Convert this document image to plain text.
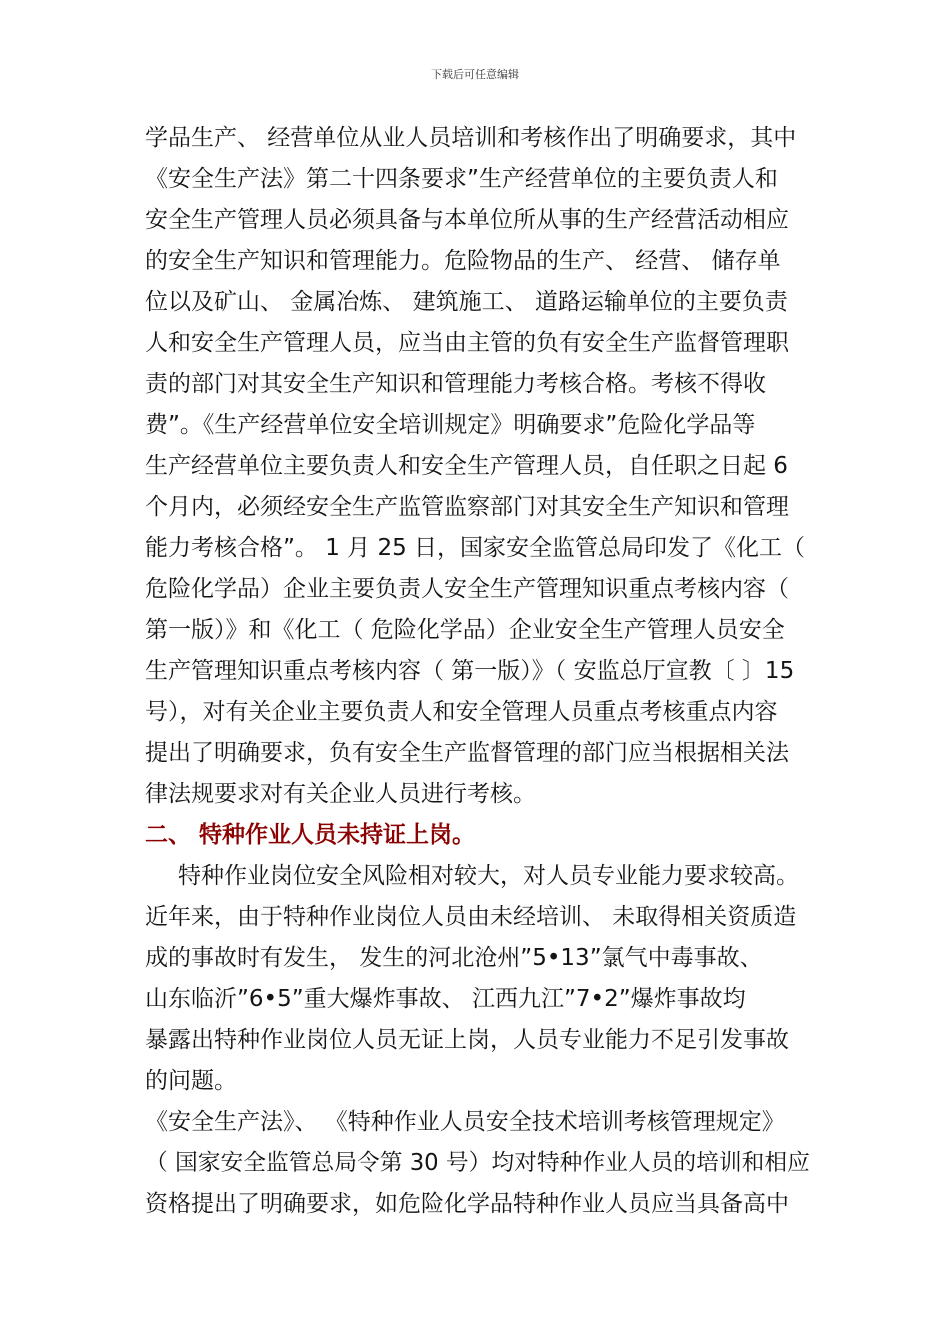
下载后可任意编辑
学品生产、 经营单位从业人员培训和考核作出了明确要求，其中
《安全生产法》第二十四条要求”生产经营单位的主要负责人和
安全生产管理人员必须具备与本单位所从事的生产经营活动相应
的安全生产知识和管理能力。危险物品的生产、 经营、 储存单
位以及矿山、 金属冶炼、 建筑施工、 道路运输单位的主要负责
人和安全生产管理人员，应当由主管的负有安全生产监督管理职
责的部门对其安全生产知识和管理能力考核合格。考核不得收
费”。《生产经营单位安全培训规定》明确要求”危险化学品等
生产经营单位主要负责人和安全生产管理人员，自任职之日起 6
个月内，必须经安全生产监管监察部门对其安全生产知识和管理
能力考核合格”。 1 月 25 日，国家安全监管总局印发了《化工（
危险化学品）企业主要负责人安全生产管理知识重点考核内容（
第一版）》和《化工（ 危险化学品）企业安全生产管理人员安全
生产管理知识重点考核内容（ 第一版）》（ 安监总厅宣教〔 〕15
号），对有关企业主要负责人和安全管理人员重点考核重点内容
提出了明确要求，负有安全生产监督管理的部门应当根据相关法
律法规要求对有关企业人员进行考核。
二、 特种作业人员未持证上岗。
特种作业岗位安全风险相对较大，对人员专业能力要求较高。
近年来，由于特种作业岗位人员由未经培训、 未取得相关资质造
成的事故时有发生， 发生的河北沧州”5•13”氯气中毒事故、
山东临沂”6•5”重大爆炸事故、 江西九江”7•2”爆炸事故均
暴露出特种作业岗位人员无证上岗，人员专业能力不足引发事故
的问题。
《安全生产法》、 《特种作业人员安全技术培训考核管理规定》
（ 国家安全监管总局令第 30 号）均对特种作业人员的培训和相应
资格提出了明确要求，如危险化学品特种作业人员应当具备高中
